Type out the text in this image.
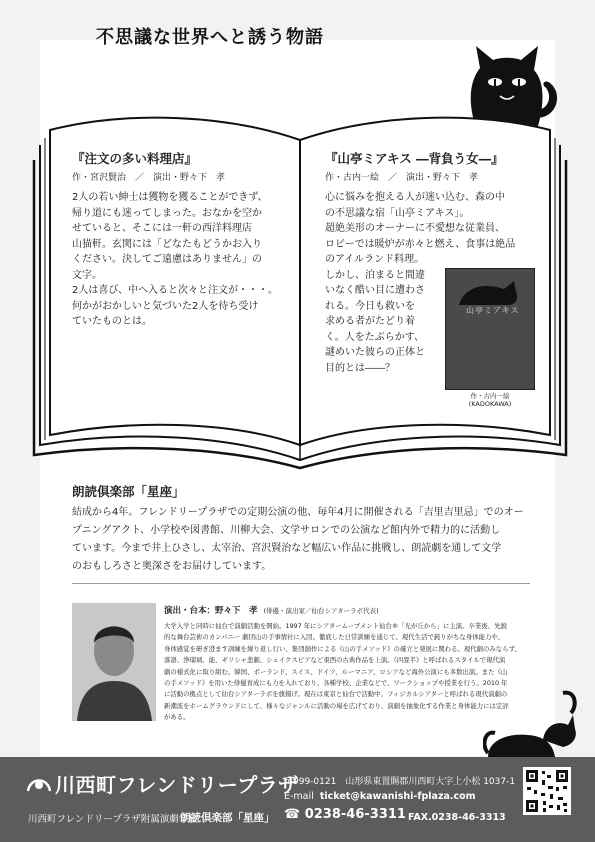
不思議な世界へと誘う物語
『注文の多い料理店』
作・宮沢賢治　／　演出・野々下　孝
2人の若い紳士は獲物を獲ることができず、
帰り道にも迷ってしまった。おなかを空か
せていると、そこには一軒の西洋料理店
山猫軒。玄関には「どなたもどうかお入り
ください。決してご遠慮はありません」の
文字。
2人は喜び、中へ入ると次々と注文が・・・。
何かがおかしいと気づいた2人を待ち受け
ていたものとは。
『山亭ミアキス ―背負う女―』
作・古内一絵　／　演出・野々下　孝
心に悩みを抱える人が迷い込む、森の中
の不思議な宿「山亭ミアキス」。
超絶美形のオーナーに不愛想な従業員、
ロビーでは暖炉が赤々と燃え、食事は絶品
のアイルランド料理。
しかし、泊まると間違
いなく酷い目に遭わさ
れる。今日も救いを
求める者がたどり着
く。人をたぶらかす、
謎めいた彼らの正体と
目的とは――？
山亭ミアキス
作・古内一絵
(KADOKAWA)
朗読倶楽部「星座」
結成から4年。フレンドリープラザでの定期公演の他、毎年4月に開催される「吉里吉里忌」でのオー
プニングアクト、小学校や図書館、川柳大会、文学サロンでの公演など館内外で精力的に活動し
ています。今まで井上ひさし、太宰治、宮沢賢治など幅広い作品に挑戦し、朗読劇を通して文学
のおもしろさと奥深さをお届けしています。
演出・台本：野々下　孝 (俳優・演出家／仙台シアターラボ代表)
大学入学と同時に仙台で演劇活動を開始。1997 年にシアタームーブメント仙台®「光が丘から」に主演。卒業後、先鋭
的な舞台芸術のカンパニー 劇団山の手事情社に入団。徹底した日常訓練を通じて、現代生活で鈍りがちな身体能力や、
身体感覚を研ぎ澄ます訓練を繰り返し行い、集団創作による《山の手メソッド》の確立と発展に関わる。現代劇のみならず、
落語、浄瑠璃、能、ギリシャ悲劇、シェイクスピアなど東西の古典作品を上演。《四畳半》と呼ばれるスタイルで現代演
劇の様式化に取り組む。韓国、ポーランド、スイス、ドイツ、ルーマニア、ロシアなど海外公演にも多数出演。また《山
の手メソッド》を用いた俳優育成にも力を入れており、各種学校、企業などで、ワークショップや授業を行う。2010 年
に活動の拠点として仙台シアターラボを旗揚げ。現在は東京と仙台で活動中。フィジカルシアターと呼ばれる現代演劇の
新潮流をホームグラウンドにして、様々なジャンルに活動の場を広げており、演劇を抽象化する作業と身体能力には定評
がある。
川西町フレンドリープラザ
川西町フレンドリープラザ附属演劇学校
朗読倶楽部「星座」
〒999-0121　山形県東置賜郡川西町大字上小松 1037-1
E-mail ticket@kawanishi-fplaza.com
☎ 0238-46-3311 FAX.0238-46-3313
